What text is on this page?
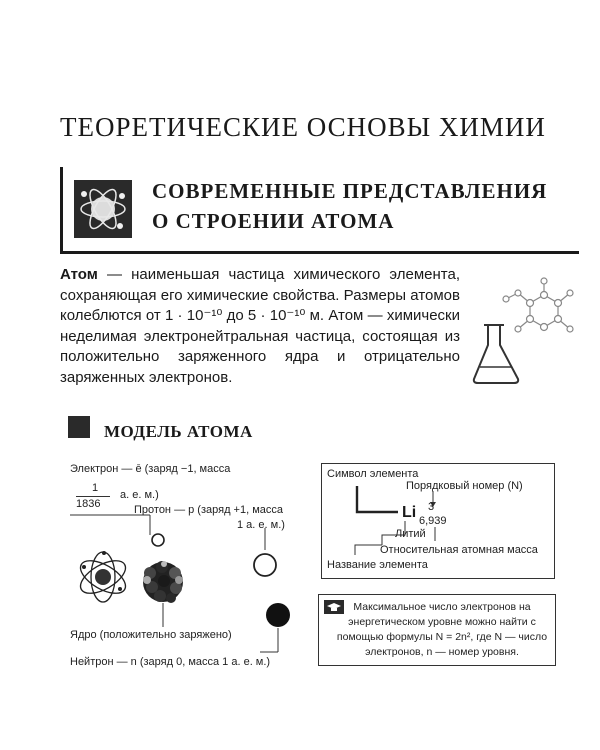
ТЕОРЕТИЧЕСКИЕ ОСНОВЫ ХИМИИ
СОВРЕМЕННЫЕ ПРЕДСТАВЛЕНИЯ
О СТРОЕНИИ АТОМА
Атом — наименьшая частица химического элемента, сохраняющая его химические свойства. Размеры атомов колеблются от 1 · 10⁻¹⁰ до 5 · 10⁻¹⁰ м. Атом — химически неделимая электронейтральная частица, состоящая из положительно заряженного ядра и отрицательно заряженных электронов.
МОДЕЛЬ АТОМА
Электрон — ē (заряд −1, масса
1
1836
а. е. м.)
Протон — p (заряд +1, масса
1 а. е. м.)
Ядро (положительно заряжено)
Нейтрон — n (заряд 0, масса 1 а. е. м.)
Символ элемента
Порядковый номер (N)
Li 3
6,939
Литий
Относительная атомная масса
Название элемента
Максимальное число электронов на энергетическом уровне можно найти с помощью формулы N = 2n², где N — число электронов, n — номер уровня.
